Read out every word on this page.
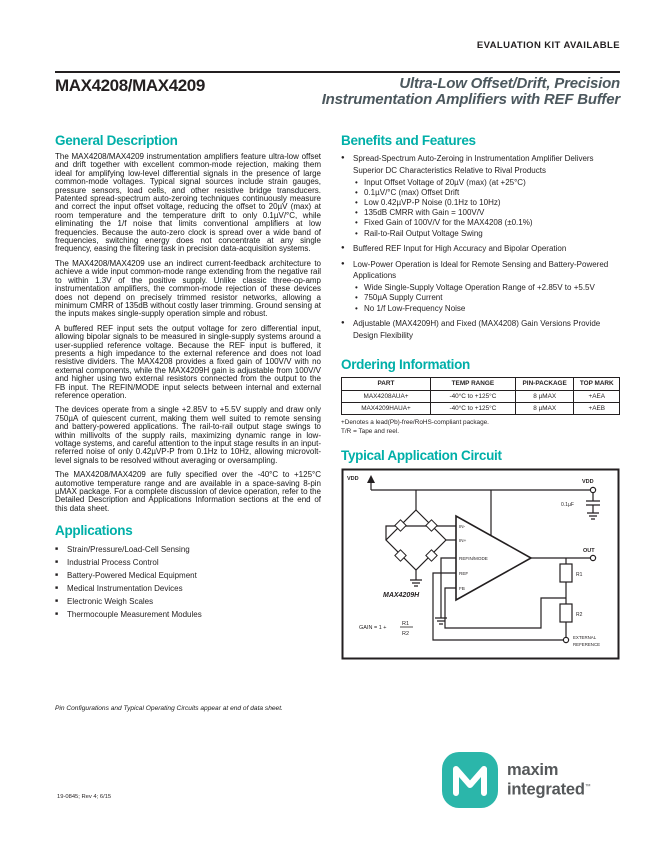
EVALUATION KIT AVAILABLE
MAX4208/MAX4209	Ultra-Low Offset/Drift, Precision
Instrumentation Amplifiers with REF Buffer
General Description

The MAX4208/MAX4209 instrumentation amplifiers feature ultra-low offset and drift together with excellent common-mode rejection, making them ideal for amplifying low-level differential signals in the presence of large common-mode voltages. Typical signal sources include strain gauges, pressure sensors, load cells, and other resistive bridge transducers. Patented spread-spectrum auto-zeroing techniques continuously measure and correct the input offset voltage, reducing the offset to 20µV (max) at room temperature and the temperature drift to only 0.1µV/°C, while eliminating the 1/f noise that limits conventional amplifiers at low frequencies. Because the auto-zero clock is spread over a wide band of frequencies, switching energy does not concentrate at any single frequency, easing the filtering task in precision data-acquisition systems.

The MAX4208/MAX4209 use an indirect current-feedback architecture to achieve a wide input common-mode range extending from the negative rail to within 1.3V of the positive supply. Unlike classic three-op-amp instrumentation amplifiers, the common-mode rejection of these devices does not depend on precisely trimmed resistor networks, allowing a minimum CMRR of 135dB without costly laser trimming. Ground sensing at the inputs makes single-supply operation simple and robust.

A buffered REF input sets the output voltage for zero differential input, allowing bipolar signals to be measured in single-supply systems around a user-supplied reference voltage. Because the REF input is buffered, it presents a high impedance to the external reference and does not load resistive dividers. The MAX4208 provides a fixed gain of 100V/V with no external components, while the MAX4209H gain is adjustable from 100V/V and higher using two external resistors connected from the output to the FB input. The REFIN/MODE input selects between internal and external reference operation.

The devices operate from a single +2.85V to +5.5V supply and draw only 750µA of quiescent current, making them well suited to remote sensing and battery-powered applications. The rail-to-rail output stage swings to within millivolts of the supply rails, maximizing dynamic range in low-voltage systems, and careful attention to the input stage results in an input-referred noise of only 0.42µVP-P from 0.1Hz to 10Hz, allowing microvolt-level signals to be resolved without averaging or oversampling.

The MAX4208/MAX4209 are fully specified over the -40°C to +125°C automotive temperature range and are available in a space-saving 8-pin µMAX package. For a complete discussion of device operation, refer to the Detailed Description and Applications Information sections at the end of this data sheet.

Applications
■ Strain/Pressure/Load-Cell Sensing
■ Industrial Process Control
■ Battery-Powered Medical Equipment
■ Medical Instrumentation Devices
■ Electronic Weigh Scales
■ Thermocouple Measurement Modules
Pin Configurations and Typical Operating Circuits appear at end of data sheet.
Benefits and Features
● Spread-Spectrum Auto-Zeroing in Instrumentation Amplifier Delivers Superior DC Characteristics Relative to Rival Products
• Input Offset Voltage of 20µV (max) (at +25°C)
• 0.1µV/°C (max) Offset Drift
• Low 0.42µVP-P Noise (0.1Hz to 10Hz)
• 135dB CMRR with Gain = 100V/V
• Fixed Gain of 100V/V for the MAX4208 (±0.1%)
• Rail-to-Rail Output Voltage Swing
● Buffered REF Input for High Accuracy and Bipolar Operation
● Low-Power Operation is Ideal for Remote Sensing and Battery-Powered Applications
• Wide Single-Supply Voltage Operation Range of +2.85V to +5.5V
• 750µA Supply Current
• No 1/f Low-Frequency Noise
● Adjustable (MAX4209H) and Fixed (MAX4208) Gain Versions Provide Design Flexibility
Ordering Information
PART	TEMP RANGE	PIN-PACKAGE	TOP MARK
MAX4208AUA+	-40°C to +125°C	8 µMAX	+AEA
MAX4209HAUA+	-40°C to +125°C	8 µMAX	+AEB
+Denotes a lead(Pb)-free/RoHS-compliant package.
T/R = Tape and reel.
Typical Application Circuit
VDD	VDD
0.1µF
OUT
R1
R2
IN-
IN+
REFIN/MODE
REF
FB
MAX4209H
GAIN = 1 +
R1
R2
EXTERNAL
REFERENCE
maxim
integrated™
19-0845; Rev 4; 6/15
